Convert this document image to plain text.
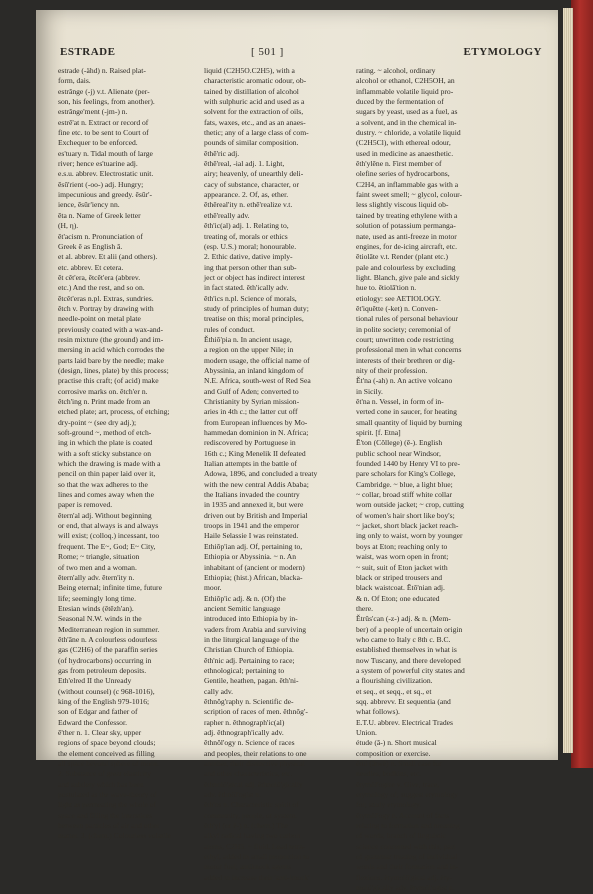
ESTRADE	[ 501 ]	ETYMOLOGY

estrade (-ähd) n. Raised plat-

form, dais.

estrănge (-j) v.t. Alienate (per-

son, his feelings, from another).

estrănge'ment (-jm-) n.

estrê'at n. Extract or record of

fine etc. to be sent to Court of

Exchequer to be enforced.

es'tuary n. Tidal mouth of large

river; hence es'tuarine adj.

e.s.u. abbrev. Electrostatic unit.

ēsū'rient (-oo-) adj. Hungry;

impecunious and greedy. ēsūr'-

ience, ēsūr'iency nn.

ēta n. Name of Greek letter

(H, η).

ět'acism n. Pronunciation of

Greek ē as English ā.

et al. abbrev. Et alii (and others).

etc. abbrev. Et cetera.

ět cět'era, ētcět'era (abbrev.

etc.) And the rest, and so on.

ētcět'eras n.pl. Extras, sundries.

ětch v. Portray by drawing with

needle-point on metal plate

previously coated with a wax-and-

resin mixture (the ground) and im-

mersing in acid which corrodes the

parts laid bare by the needle; make

(design, lines, plate) by this process;

practise this craft; (of acid) make

corrosive marks on. ětch'er n.

ětch'ing n. Print made from an

etched plate; art, process, of etching;

dry-point ~ (see dry adj.);

soft-ground ~, method of etch-

ing in which the plate is coated

with a soft sticky substance on

which the drawing is made with a

pencil on thin paper laid over it,

so that the wax adheres to the

lines and comes away when the

paper is removed.

ētern'al adj. Without beginning

or end, that always is and always

will exist; (colloq.) incessant, too

frequent. The E~, God; E~ City,

Rome; ~ triangle, situation

of two men and a woman.

ētern'ally adv. ētern'ity n.

Being eternal; infinite time, future

life; seemingly long time.

Etesian winds (ētēzh'an).

Seasonal N.W. winds in the

Mediterranean region in summer.

ěth'āne n. A colourless odourless

gas (C2H6) of the paraffin series

(of hydrocarbons) occurring in

gas from petroleum deposits.

Eth'elred II the Unready

(without counsel) (c 968-1016),

king of the English 979-1016;

son of Edgar and father of

Edward the Confessor.

ē'ther n. 1. Clear sky, upper

regions of space beyond clouds;

the element conceived as filling

all space beyond sphere of moon.

2. Substance of great elasticity

and subtlety which has been

postulated as the wave-theory of

light as permeating the whole of

space and filling the interstices

between particles of air and other

matter. 3. (chem.) Colourless volatile

liquid (C2H5O.C2H5), with a

characteristic aromatic odour, ob-

tained by distillation of alcohol

with sulphuric acid and used as a

solvent for the extraction of oils,

fats, waxes, etc., and as an anaes-

thetic; any of a large class of com-

pounds of similar composition.

ēthē'ric adj.

ēthē'real, -ial adj. 1. Light,

airy; heavenly, of unearthly deli-

cacy of substance, character, or

appearance. 2. Of, as, ether.

ēthēreal'ity n. ethē'realize v.t.

ethē'really adv.

ěth'ic(al) adj. 1. Relating to,

treating of, morals or ethics

(esp. U.S.) moral; honourable.

2. Ethic dative, dative imply-

ing that person other than sub-

ject or object has indirect interest

in fact stated. ěth'ically adv.

ěth'ics n.pl. Science of morals,

study of principles of human duty;

treatise on this; moral principles,

rules of conduct.

Ěthiō'pia n. In ancient usage,

a region on the upper Nile; in

modern usage, the official name of

Abyssinia, an inland kingdom of

N.E. Africa, south-west of Red Sea

and Gulf of Aden; converted to

Christianity by Syrian mission-

aries in 4th c.; the latter cut off

from European influences by Mo-

hammedan dominion in N. Africa;

rediscovered by Portuguese in

16th c.; King Menelik II defeated

Italian attempts in the battle of

Adowa, 1896, and concluded a treaty

with the new central Addis Ababa;

the Italians invaded the country

in 1935 and annexed it, but were

driven out by British and Imperial

troops in 1941 and the emperor

Haile Selassie I was reinstated.

Ethiōp'ian adj. Of, pertaining to,

Ethiopia or Abyssinia. ~ n. An

inhabitant of (ancient or modern)

Ethiopia; (hist.) African, blacka-

moor.

Ethiŏp'ic adj. & n. (Of) the

ancient Semitic language

introduced into Ethiopia by in-

vaders from Arabia and surviving

in the liturgical language of the

Christian Church of Ethiopia.

ěth'nic adj. Pertaining to race;

ethnological; pertaining to

Gentile, heathen, pagan. ěth'ni-

cally adv.

ěthnŏg'raphy n. Scientific de-

scription of races of men. ěthnŏg'-

rapher n. ěthnograph'ic(al)

adj. ěthnograph'ically adv.

ěthnŏl'ogy n. Science of races

and peoples, their relations to one

another, their distinctive physical

and other characteristics, etc.

ěthnolŏ'gical adj. ěthnolŏ'gically

adv. ěthnŏl'ogist n.

ěth'os n. Characteristic spirit of

community, people, or system.

ěth'yl (or ē-) n. (chem.) The

alkyl radical having two carbon

atoms, C2H5. ~ fluid, Lead tetra-

ethyl, added in small proportion to

motor fuel; antiknock agents

added to increase their 'anti-knock'

rating. ~ alcohol, ordinary

alcohol or ethanol, C2H5OH, an

inflammable volatile liquid pro-

duced by the fermentation of

sugars by yeast, used as a fuel, as

a solvent, and in the chemical in-

dustry. ~ chloride, a volatile liquid

(C2H5Cl), with ethereal odour,

used in medicine as anaesthetic.

ěth'ylēne n. First member of

olefine series of hydrocarbons,

C2H4, an inflammable gas with a

faint sweet smell; ~ glycol, colour-

less slightly viscous liquid ob-

tained by treating ethylene with a

solution of potassium permanga-

nate, used as anti-freeze in motor

engines, for de-icing aircraft, etc.

ētiolāte v.t. Render (plant etc.)

pale and colourless by excluding

light. Blanch, give pale and sickly

hue to. ētiolā'tion n.

etiology: see AETIOLOGY.

ět'iquĕtte (-ket) n. Conven-

tional rules of personal behaviour

in polite society; ceremonial of

court; unwritten code restricting

professional men in what concerns

interests of their brethren or dig-

nity of their profession.

Ět'na (-ah) n. An active volcano

in Sicily.

ět'na n. Vessel, in form of in-

verted cone in saucer, for heating

small quantity of liquid by burning

spirit. [f. Etna]

Ē'ton (Cŏllege) (ē-). English

public school near Windsor,

founded 1440 by Henry VI to pre-

pare scholars for King's College,

Cambridge. ~ blue, a light blue;

~ collar, broad stiff white collar

worn outside jacket; ~ crop, cutting

of women's hair short like boy's;

~ jacket, short black jacket reach-

ing only to waist, worn by younger

boys at Eton; reaching only to

waist, was worn open in front;

~ suit, suit of Eton jacket with

black or striped trousers and

black waistcoat. Ētō'nian adj.

& n. Of Eton; one educated

there.

Ětrŭs'can (-z-) adj. & n. (Mem-

ber) of a people of uncertain origin

who came to Italy c 8th c. B.C.

established themselves in what is

now Tuscany, and there developed

a system of powerful city states and

a flourishing civilization.

et seq., et seqq., et sq., et

sqq. abbrevv. Et sequentia (and

what follows).

E.T.U. abbrev. Electrical Trades

Union.

étude (ā-) n. Short musical

composition or exercise.

étui (ātwē) n. Small case for

needles, bodkins, etc.

ětymŏl'ogize v. Give, trace,

etymology of; suggest etymology

for; study etymology.

ětymŏl'ogy n. Account of facts

relating to formation and meaning

of words; branch of linguistic

science concerned with this; part

of grammar treating of individual

words and their formation and in-

flexions. ětymolŏ'gical adj. ěty-

molŏ'gically adv. ětymŏl'ogist n.
